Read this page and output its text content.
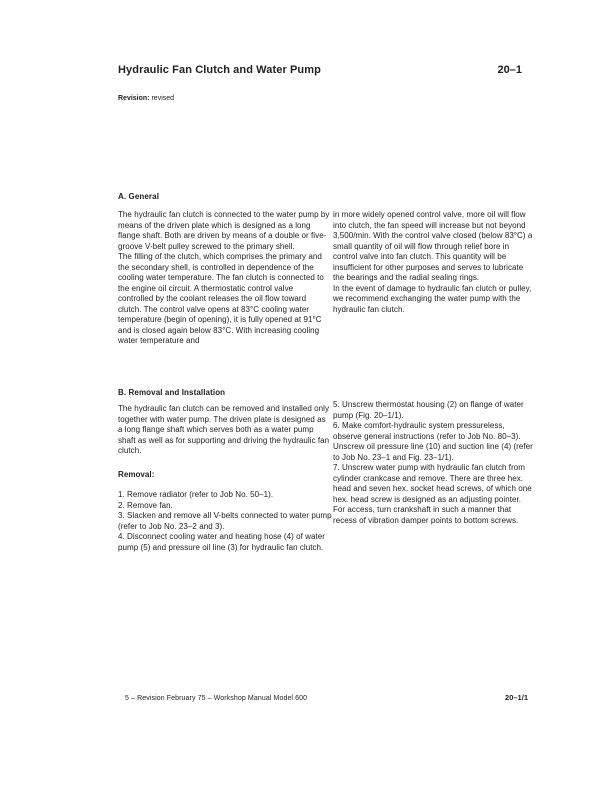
Hydraulic Fan Clutch and Water Pump	20–1
Revision: revised
A. General

The hydraulic fan clutch is connected to the water pump by means of the driven plate which is designed as a long flange shaft. Both are driven by means of a double or five-groove V-belt pulley screwed to the primary shell.

The filling of the clutch, which comprises the primary and the secondary shell, is controlled in dependence of the cooling water temperature. The fan clutch is connected to the engine oil circuit. A thermostatic control valve controlled by the coolant releases the oil flow toward clutch. The control valve opens at 83°C cooling water temperature (begin of opening), it is fully opened at 91°C and is closed again below 83°C. With increasing cooling water temperature and

in more widely opened control valve, more oil will flow into clutch, the fan speed will increase but not beyond 3,500/min. With the control valve closed (below 83°C) a small quantity of oil will flow through relief bore in control valve into fan clutch. This quantity will be insufficient for other purposes and serves to lubricate the bearings and the radial sealing rings.

In the event of damage to hydraulic fan clutch or pulley, we recommend exchanging the water pump with the hydraulic fan clutch.

B. Removal and Installation

The hydraulic fan clutch can be removed and installed only together with water pump. The driven plate is designed as a long flange shaft which serves both as a water pump shaft as well as for supporting and driving the hydraulic fan clutch.

Removal:

1. Remove radiator (refer to Job No. 50–1).

2. Remove fan.

3. Slacken and remove all V-belts connected to water pump (refer to Job No. 23–2 and 3).

4. Disconnect cooling water and heating hose (4) of water pump (5) and pressure oil line (3) for hydraulic fan clutch.

5. Unscrew thermostat housing (2) on flange of water pump (Fig. 20–1/1).

6. Make comfort-hydraulic system pressureless, observe general instructions (refer to Job No. 80–3). Unscrew oil pressure line (10) and suction line (4) (refer to Job No. 23–1 and Fig. 23–1/1).

7. Unscrew water pump with hydraulic fan clutch from cylinder crankcase and remove. There are three hex. head and seven hex. socket head screws, of which one hex. head screw is designed as an adjusting pointer. For access, turn crankshaft in such a manner that recess of vibration damper points to bottom screws.

5 – Revision February 75 – Workshop Manual Model 600	20–1/1
